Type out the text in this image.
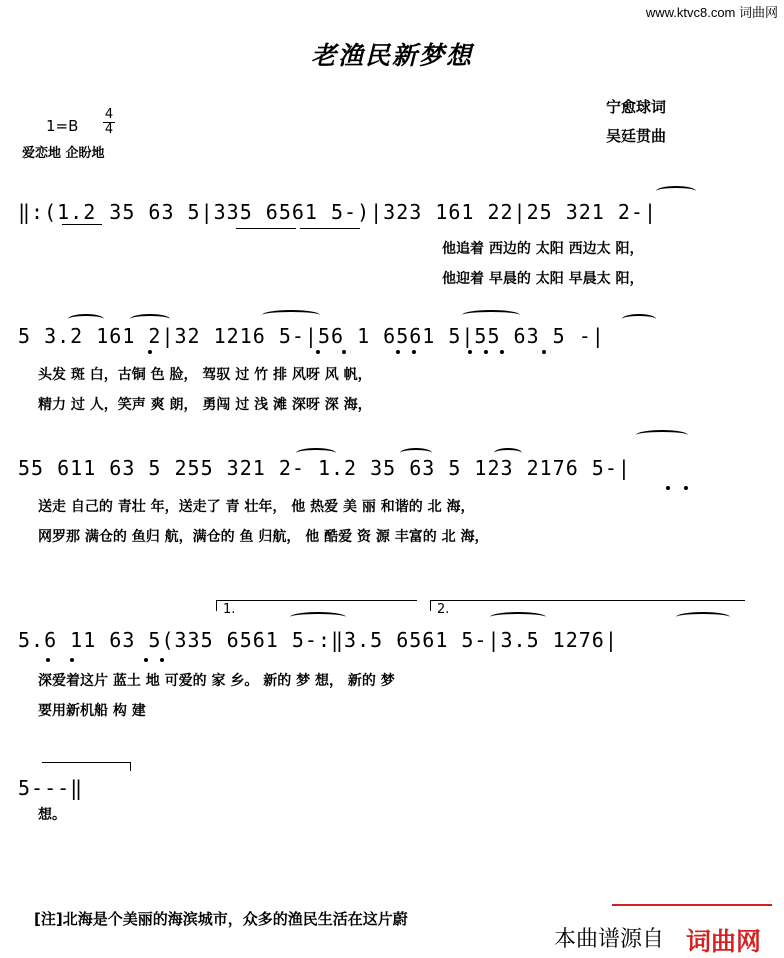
www.ktvc8.com 词曲网
老渔民新梦想
1=B
4
4
爱恋地 企盼地
宁愈球词
吴廷贯曲
‖:(1.2 35 63 5|335 6561 5-)|323 161 22|25 321 2-|
他追着 西边的 太阳 西边太 阳，
他迎着 早晨的 太阳 早晨太 阳，
5 3.2 161 2|32 1216 5-|56 1 6561 5|55 63 5 -|
头发 斑 白，古铜 色 脸， 驾驭 过 竹 排 风呀 风 帆，
精力 过 人，笑声 爽 朗， 勇闯 过 浅 滩 深呀 深 海，
55 611 63 5 255 321 2- 1.2 35 63 5 123 2176 5-|
送走 自己的 青壮 年，送走了 青 壮年， 他 热爱 美 丽 和谐的 北 海，
网罗那 满仓的 鱼归 航，满仓的 鱼 归航， 他 酷爱 资 源 丰富的 北 海，
1.	2.
5.6 11 63 5(335 6561 5-:‖3.5 6561 5-|3.5 1276|
深爱着这片 蓝土 地 可爱的 家 乡。 新的 梦 想， 新的 梦
要用新机船 构 建
5---‖
想。
[注]北海是个美丽的海滨城市，众多的渔民生活在这片蔚
本曲谱源自 词曲网
